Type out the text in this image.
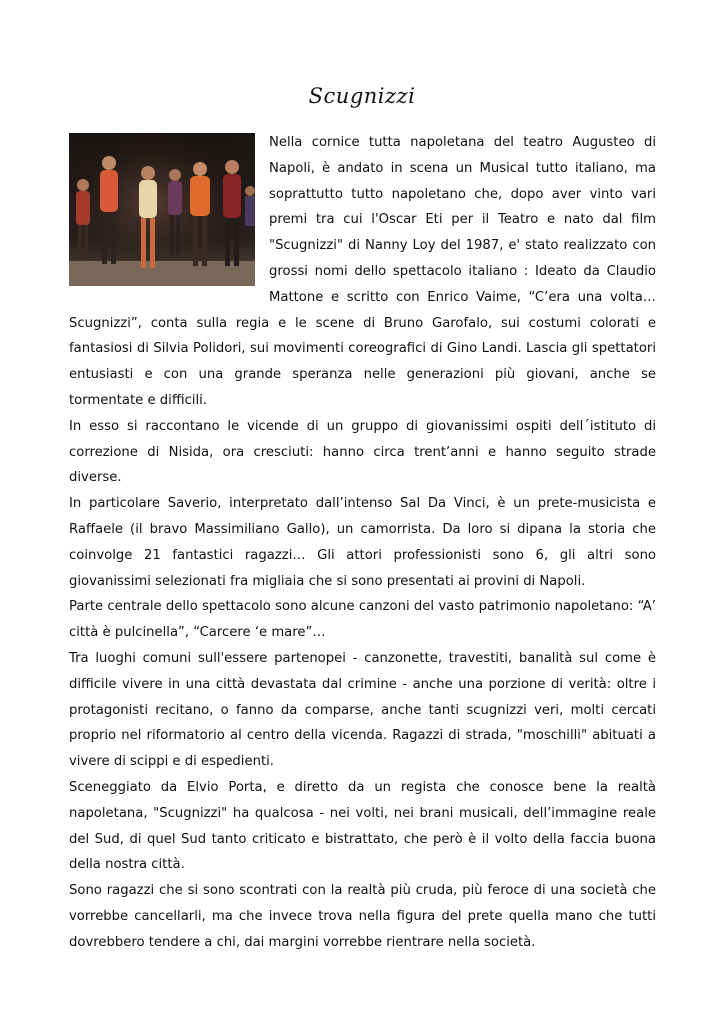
Scugnizzi

Nella cornice tutta napoletana del teatro Augusteo di Napoli, è andato in scena un Musical tutto italiano, ma soprattutto tutto napoletano che, dopo aver vinto vari premi tra cui l'Oscar Eti per il Teatro e nato dal film "Scugnizzi" di Nanny Loy del 1987, e' stato realizzato con grossi nomi dello spettacolo italiano : Ideato da Claudio Mattone e scritto con Enrico Vaime, “C’era una volta… Scugnizzi”, conta sulla regia e le scene di Bruno Garofalo, sui costumi colorati e fantasiosi di Silvia Polidori, sui movimenti coreografici di Gino Landi. Lascia gli spettatori entusiasti e con una grande speranza nelle generazioni più giovani, anche se tormentate e difficili.

In esso si raccontano le vicende di un gruppo di giovanissimi ospiti dell´istituto di correzione di Nisida, ora cresciuti: hanno circa trent’anni e hanno seguito strade diverse.

In particolare Saverio, interpretato dall’intenso Sal Da Vinci, è un prete-musicista e Raffaele (il bravo Massimiliano Gallo), un camorrista. Da loro si dipana la storia che coinvolge 21 fantastici ragazzi… Gli attori professionisti sono 6, gli altri sono giovanissimi selezionati fra migliaia che si sono presentati ai provini di Napoli.

Parte centrale dello spettacolo sono alcune canzoni del vasto patrimonio napoletano: “A’ città è pulcinella”, “Carcere ‘e mare”…

Tra luoghi comuni sull'essere partenopei - canzonette, travestiti, banalità sul come è difficile vivere in una città devastata dal crimine - anche una porzione di verità: oltre i protagonisti recitano, o fanno da comparse, anche tanti scugnizzi veri, molti cercati proprio nel riformatorio al centro della vicenda. Ragazzi di strada, "moschilli" abituati a vivere di scippi e di espedienti.

Sceneggiato da Elvio Porta, e diretto da un regista che conosce bene la realtà napoletana, "Scugnizzi" ha qualcosa - nei volti, nei brani musicali, dell’immagine reale del Sud, di quel Sud tanto criticato e bistrattato, che però è il volto della faccia buona della nostra città.

Sono ragazzi che si sono scontrati con la realtà più cruda, più feroce di una società che vorrebbe cancellarli, ma che invece trova nella figura del prete quella mano che tutti dovrebbero tendere a chi, dai margini vorrebbe rientrare nella società.
